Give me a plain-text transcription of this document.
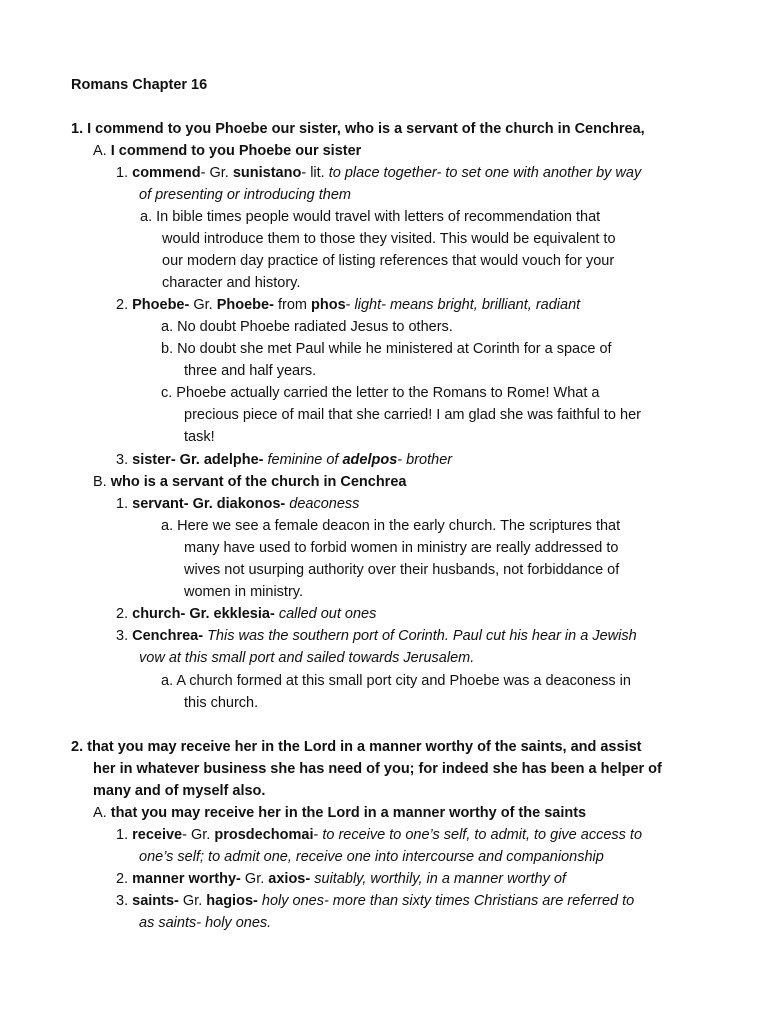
Romans Chapter 16
1. I commend to you Phoebe our sister, who is a servant of the church in Cenchrea,
A. I commend to you Phoebe our sister
1. commend- Gr. sunistano- lit. to place together- to set one with another by way
of presenting or introducing them
a. In bible times people would travel with letters of recommendation that
would introduce them to those they visited. This would be equivalent to
our modern day practice of listing references that would vouch for your
character and history.
2. Phoebe- Gr. Phoebe- from phos- light- means bright, brilliant, radiant
a. No doubt Phoebe radiated Jesus to others.
b. No doubt she met Paul while he ministered at Corinth for a space of
three and half years.
c. Phoebe actually carried the letter to the Romans to Rome! What a
precious piece of mail that she carried! I am glad she was faithful to her
task!
3. sister- Gr. adelphe- feminine of adelpos- brother
B. who is a servant of the church in Cenchrea
1. servant- Gr. diakonos- deaconess
a. Here we see a female deacon in the early church. The scriptures that
many have used to forbid women in ministry are really addressed to
wives not usurping authority over their husbands, not forbiddance of
women in ministry.
2. church- Gr. ekklesia- called out ones
3. Cenchrea- This was the southern port of Corinth. Paul cut his hear in a Jewish
vow at this small port and sailed towards Jerusalem.
a. A church formed at this small port city and Phoebe was a deaconess in
this church.
2. that you may receive her in the Lord in a manner worthy of the saints, and assist
her in whatever business she has need of you; for indeed she has been a helper of
many and of myself also.
A. that you may receive her in the Lord in a manner worthy of the saints
1. receive- Gr. prosdechomai- to receive to one’s self, to admit, to give access to
one’s self; to admit one, receive one into intercourse and companionship
2. manner worthy- Gr. axios- suitably, worthily, in a manner worthy of
3. saints- Gr. hagios- holy ones- more than sixty times Christians are referred to
as saints- holy ones.
